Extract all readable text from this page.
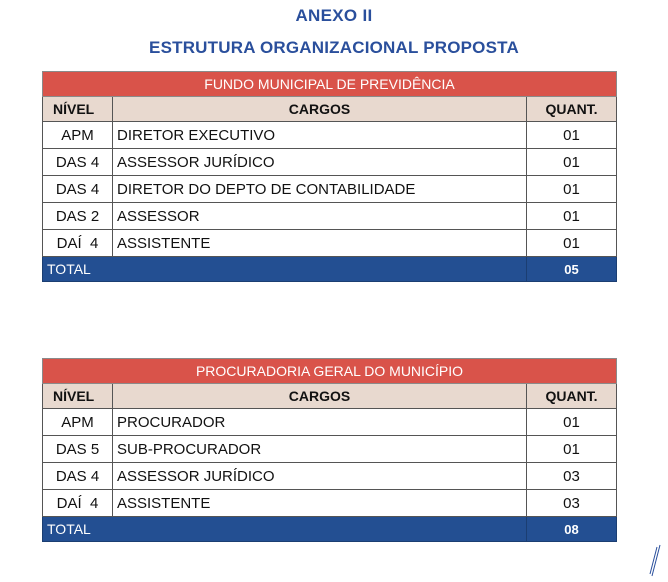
ANEXO II
ESTRUTURA ORGANIZACIONAL PROPOSTA
FUNDO MUNICIPAL DE PREVIDÊNCIA		
NÍVEL	CARGOS	QUANT.
APM	DIRETOR EXECUTIVO	01
DAS 4	ASSESSOR JURÍDICO	01
DAS 4	DIRETOR DO DEPTO DE CONTABILIDADE	01
DAS 2	ASSESSOR	01
DAÍ  4	ASSISTENTE	01
TOTAL		05
PROCURADORIA GERAL DO MUNICÍPIO		
NÍVEL	CARGOS	QUANT.
APM	PROCURADOR	01
DAS 5	SUB-PROCURADOR	01
DAS 4	ASSESSOR JURÍDICO	03
DAÍ  4	ASSISTENTE	03
TOTAL		08
